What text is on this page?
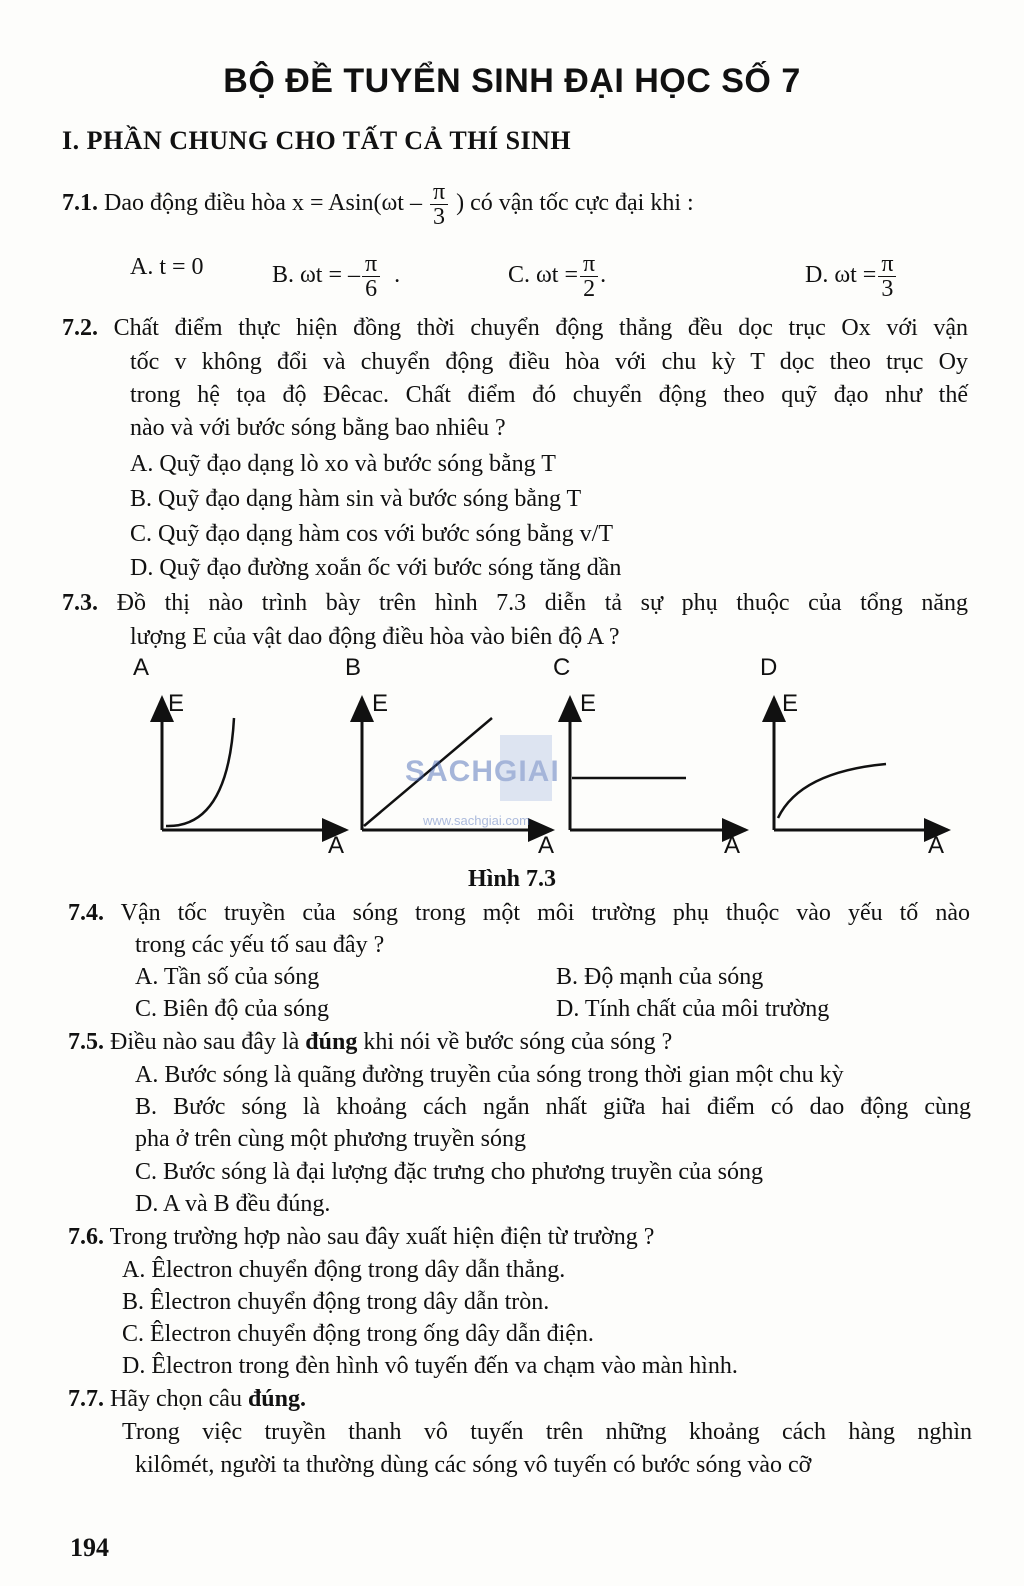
BỘ ĐỀ TUYỂN SINH ĐẠI HỌC SỐ 7
I. PHẦN CHUNG CHO TẤT CẢ THÍ SINH
7.1. Dao động điều hòa $x = Asin(\omega t - \frac{\pi}{3}$ ) có vận tốc cực đại khi :
A. t = 0	B. ωt = – $\frac{\pi}{6}$ .	C. $\omega t = \frac{\pi}{2}$ .	D. $\omega t = \frac{\pi}{3}$
7.2. Chất điểm thực hiện đồng thời chuyển động thẳng đều dọc trục Ox với vận
tốc v không đổi và chuyển động điều hòa với chu kỳ T dọc theo trục Oy
trong hệ tọa độ Đêcac. Chất điểm đó chuyển động theo quỹ đạo như thế
nào và với bước sóng bằng bao nhiêu ?
A. Quỹ đạo dạng lò xo và bước sóng bằng T
B. Quỹ đạo dạng hàm sin và bước sóng bằng T
C. Quỹ đạo dạng hàm cos với bước sóng bằng v/T
D. Quỹ đạo đường xoắn ốc với bước sóng tăng dần
7.3. Đồ thị nào trình bày trên hình 7.3 diễn tả sự phụ thuộc của tổng năng
lượng E của vật dao động điều hòa vào biên độ A ?
A	B	C	D
E	E	E	E
A	A	A	A
SACHGIAI
www.sachgiai.com
Hình 7.3
7.4. Vận tốc truyền của sóng trong một môi trường phụ thuộc vào yếu tố nào
trong các yếu tố sau đây ?
A. Tần số của sóng	B. Độ mạnh của sóng
C. Biên độ của sóng	D. Tính chất của môi trường
7.5. Điều nào sau đây là đúng khi nói về bước sóng của sóng ?
A. Bước sóng là quãng đường truyền của sóng trong thời gian một chu kỳ
B. Bước sóng là khoảng cách ngắn nhất giữa hai điểm có dao động cùng
pha ở trên cùng một phương truyền sóng
C. Bước sóng là đại lượng đặc trưng cho phương truyền của sóng
D. A và B đều đúng.
7.6. Trong trường hợp nào sau đây xuất hiện điện từ trường ?
A. Êlectron chuyển động trong dây dẫn thẳng.
B. Êlectron chuyển động trong dây dẫn tròn.
C. Êlectron chuyển động trong ống dây dẫn điện.
D. Êlectron trong đèn hình vô tuyến đến va chạm vào màn hình.
7.7. Hãy chọn câu đúng.
Trong việc truyền thanh vô tuyến trên những khoảng cách hàng nghìn
kilômét, người ta thường dùng các sóng vô tuyến có bước sóng vào cỡ
194
